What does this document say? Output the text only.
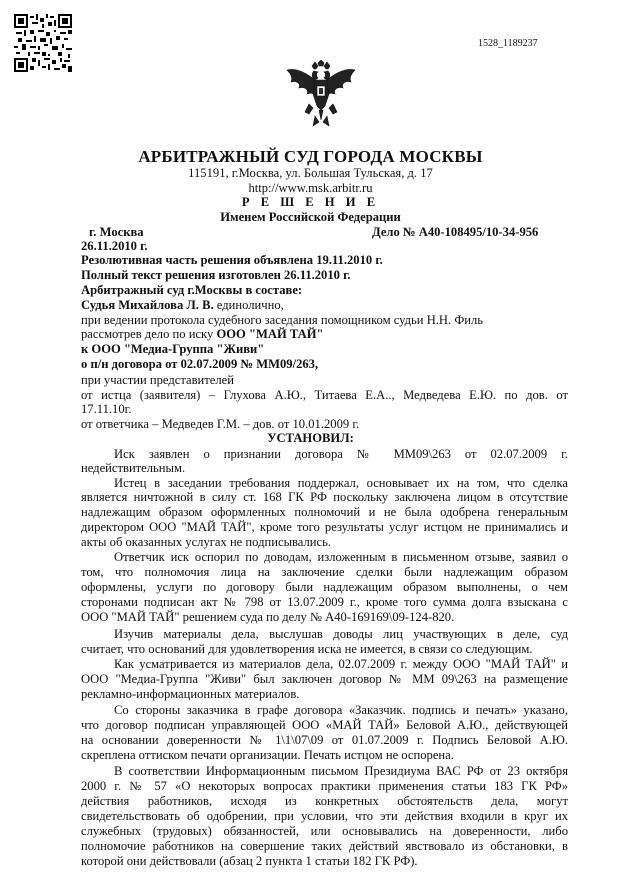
1528_1189237
АРБИТРАЖНЫЙ СУД ГОРОДА МОСКВЫ
115191, г.Москва, ул. Большая Тульская, д. 17
http://www.msk.arbitr.ru
Р Е Ш Е Н И Е
Именем Российской Федерации
г. Москва	Дело № А40-108495/10-34-956
26.11.2010 г.
Резолютивная часть решения объявлена 19.11.2010 г.
Полный текст решения изготовлен 26.11.2010 г.
Арбитражный суд г.Москвы в составе:
Судья Михайлова Л. В. единолично,
при ведении протокола судебного заседания помощником судьи Н.Н. Филь
рассмотрев дело по иску ООО "МАЙ ТАЙ"
к ООО "Медиа-Группа "Живи"
о п/н договора от 02.07.2009 № ММ09/263,
при участии представителей
от истца (заявителя) – Глухова А.Ю., Титаева Е.А.., Медведева Е.Ю. по дов. от
17.11.10г.
от ответчика – Медведев Г.М. – дов. от 10.01.2009 г.
УСТАНОВИЛ:
Иск заявлен о признании договора № ММ09\263 от 02.07.2009 г.
недействительным.
Истец в заседании требования поддержал, основывает их на том, что сделка
является ничтожной в силу ст. 168 ГК РФ поскольку заключена лицом в отсутствие
надлежащим образом оформленных полномочий и не была одобрена генеральным
директором ООО "МАЙ ТАЙ", кроме того результаты услуг истцом не принимались и
акты об оказанных услугах не подписывались.
Ответчик иск оспорил по доводам, изложенным в письменном отзыве, заявил о
том, что полномочия лица на заключение сделки были надлежащим образом
оформлены, услуги по договору были надлежащим образом выполнены, о чем
сторонами подписан акт № 798 от 13.07.2009 г., кроме того сумма долга взыскана с
ООО "МАЙ ТАЙ" решением суда по делу № А40-169169\09-124-820.
Изучив материалы дела, выслушав доводы лиц участвующих в деле, суд
считает, что оснований для удовлетворения иска не имеется, в связи со следующим.
Как усматривается из материалов дела, 02.07.2009 г. между ООО "МАЙ ТАЙ" и
ООО "Медиа-Группа "Живи" был заключен договор № ММ 09\263 на размещение
рекламно-информационных материалов.
Со стороны заказчика в графе договора «Заказчик. подпись и печать» указано,
что договор подписан управляющей ООО «МАЙ ТАЙ» Беловой А.Ю., действующей
на основании доверенности № 1\1\07\09 от 01.07.2009 г. Подпись Беловой А.Ю.
скреплена оттиском печати организации. Печать истцом не оспорена.
В соответствии Информационным письмом Президиума ВАС РФ от 23 октября
2000 г. № 57 «О некоторых вопросах практики применения статьи 183 ГК РФ»
действия работников, исходя из конкретных обстоятельств дела, могут
свидетельствовать об одобрении, при условии, что эти действия входили в круг их
служебных (трудовых) обязанностей, или основывались на доверенности, либо
полномочие работников на совершение таких действий явствовало из обстановки, в
которой они действовали (абзац 2 пункта 1 статьи 182 ГК РФ).
